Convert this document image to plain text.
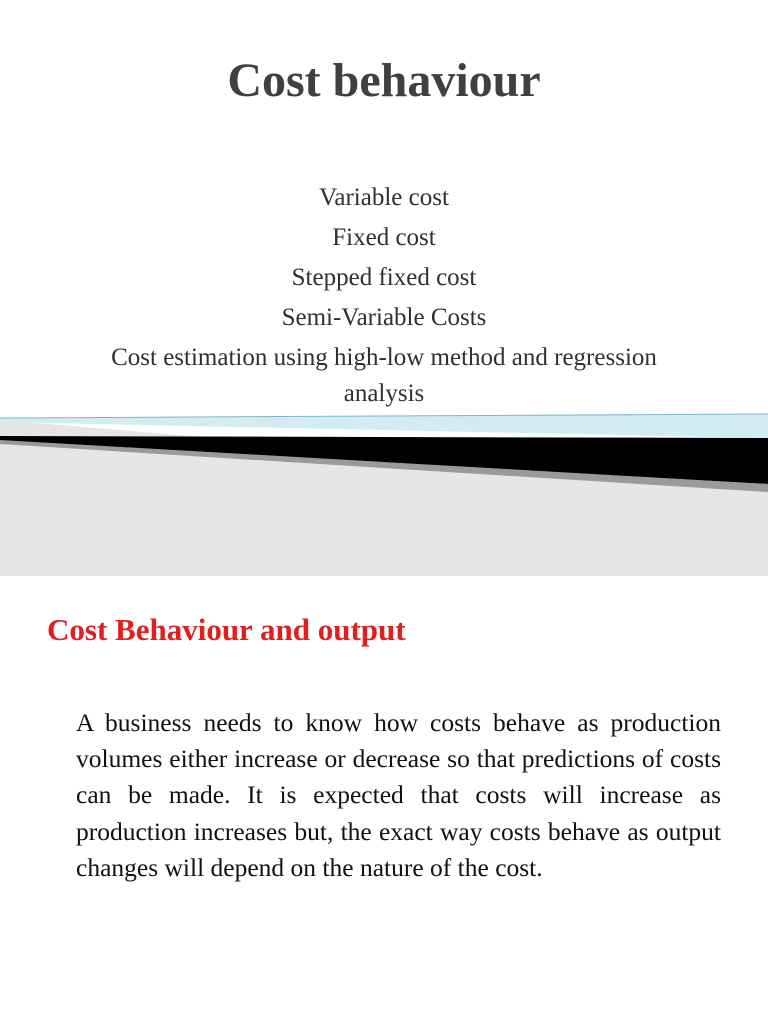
Cost behaviour
Variable cost
Fixed cost
Stepped fixed cost
Semi-Variable Costs
Cost estimation using high-low method and regression analysis
Cost Behaviour and output

A business needs to know how costs behave as production volumes either increase or decrease so that predictions of costs can be made. It is expected that costs will increase as production increases but, the exact way costs behave as output changes will depend on the nature of the cost.
